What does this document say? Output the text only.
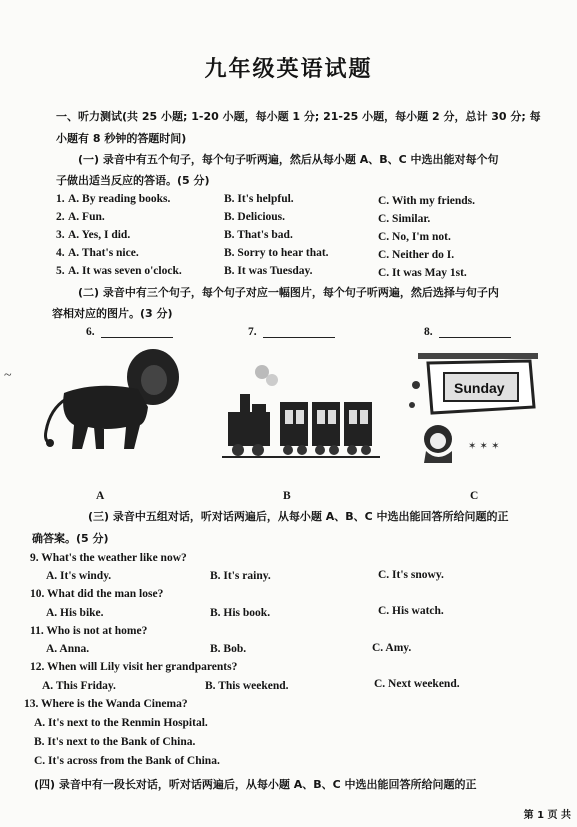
九年级英语试题
一、听力测试(共 25 小题; 1-20 小题，每小题 1 分; 21-25 小题，每小题 2 分，总计 30 分; 每
小题有 8 秒钟的答题时间)
(一) 录音中有五个句子，每个句子听两遍，然后从每小题 A、B、C 中选出能对每个句
子做出适当反应的答语。(5 分)
1. A. By reading books.	B. It's helpful.	C. With my friends.
2. A. Fun.	B. Delicious.	C. Similar.
3. A. Yes, I did.	B. That's bad.	C. No, I'm not.
4. A. That's nice.	B. Sorry to hear that.	C. Neither do I.
5. A. It was seven o'clock.	B. It was Tuesday.	C. It was May 1st.
(二) 录音中有三个句子，每个句子对应一幅图片，每个句子听两遍，然后选择与句子内
容相对应的图片。(3 分)
6.	7.	8.
~
Sunday
✶ ✶ ✶
A	B	C
(三) 录音中五组对话，听对话两遍后，从每小题 A、B、C 中选出能回答所给问题的正
确答案。(5 分)
9. What's the weather like now?
A. It's windy.	B. It's rainy.	C. It's snowy.
10. What did the man lose?
A. His bike.	B. His book.	C. His watch.
11. Who is not at home?
A. Anna.	B. Bob.	C. Amy.
12. When will Lily visit her grandparents?
A. This Friday.	B. This weekend.	C. Next weekend.
13. Where is the Wanda Cinema?
A. It's next to the Renmin Hospital.
B. It's next to the Bank of China.
C. It's across from the Bank of China.
(四) 录音中有一段长对话，听对话两遍后，从每小题 A、B、C 中选出能回答所给问题的正
第 1 页 共
